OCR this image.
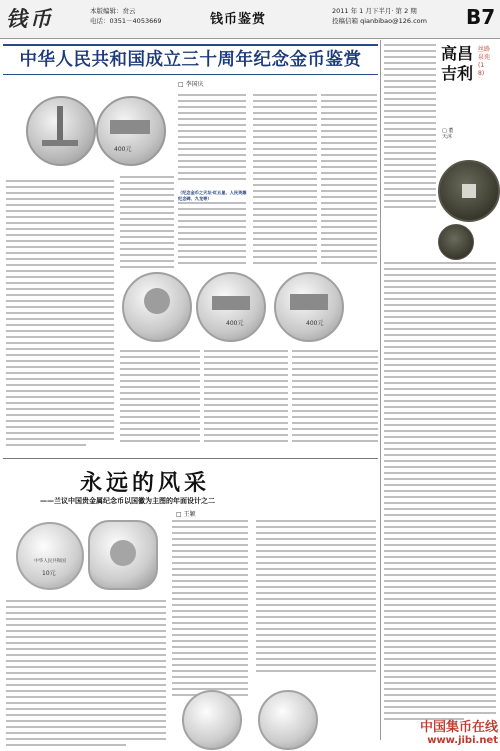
钱币	本版编辑：贲云
电话：0351－4053669	钱币鉴赏
2011 年 1 月下半月· 第 2 期
投稿信箱 qianbibao@126.com	B7
中华人民共和国成立三十周年纪念金币鉴赏
□ 李国庆
400元
（纪念金币之天坛·红五星、人民英雄纪念碑、九龙等）
400元	400元
永远的风采
——兰议中国贵金属纪念币以国徽为主图的年面设计之二
□ 王颖
中华人民共和国
10元
高昌吉利
丝路泉苑(18)
□ 董天沐
中国集币在线
www.jibi.net
